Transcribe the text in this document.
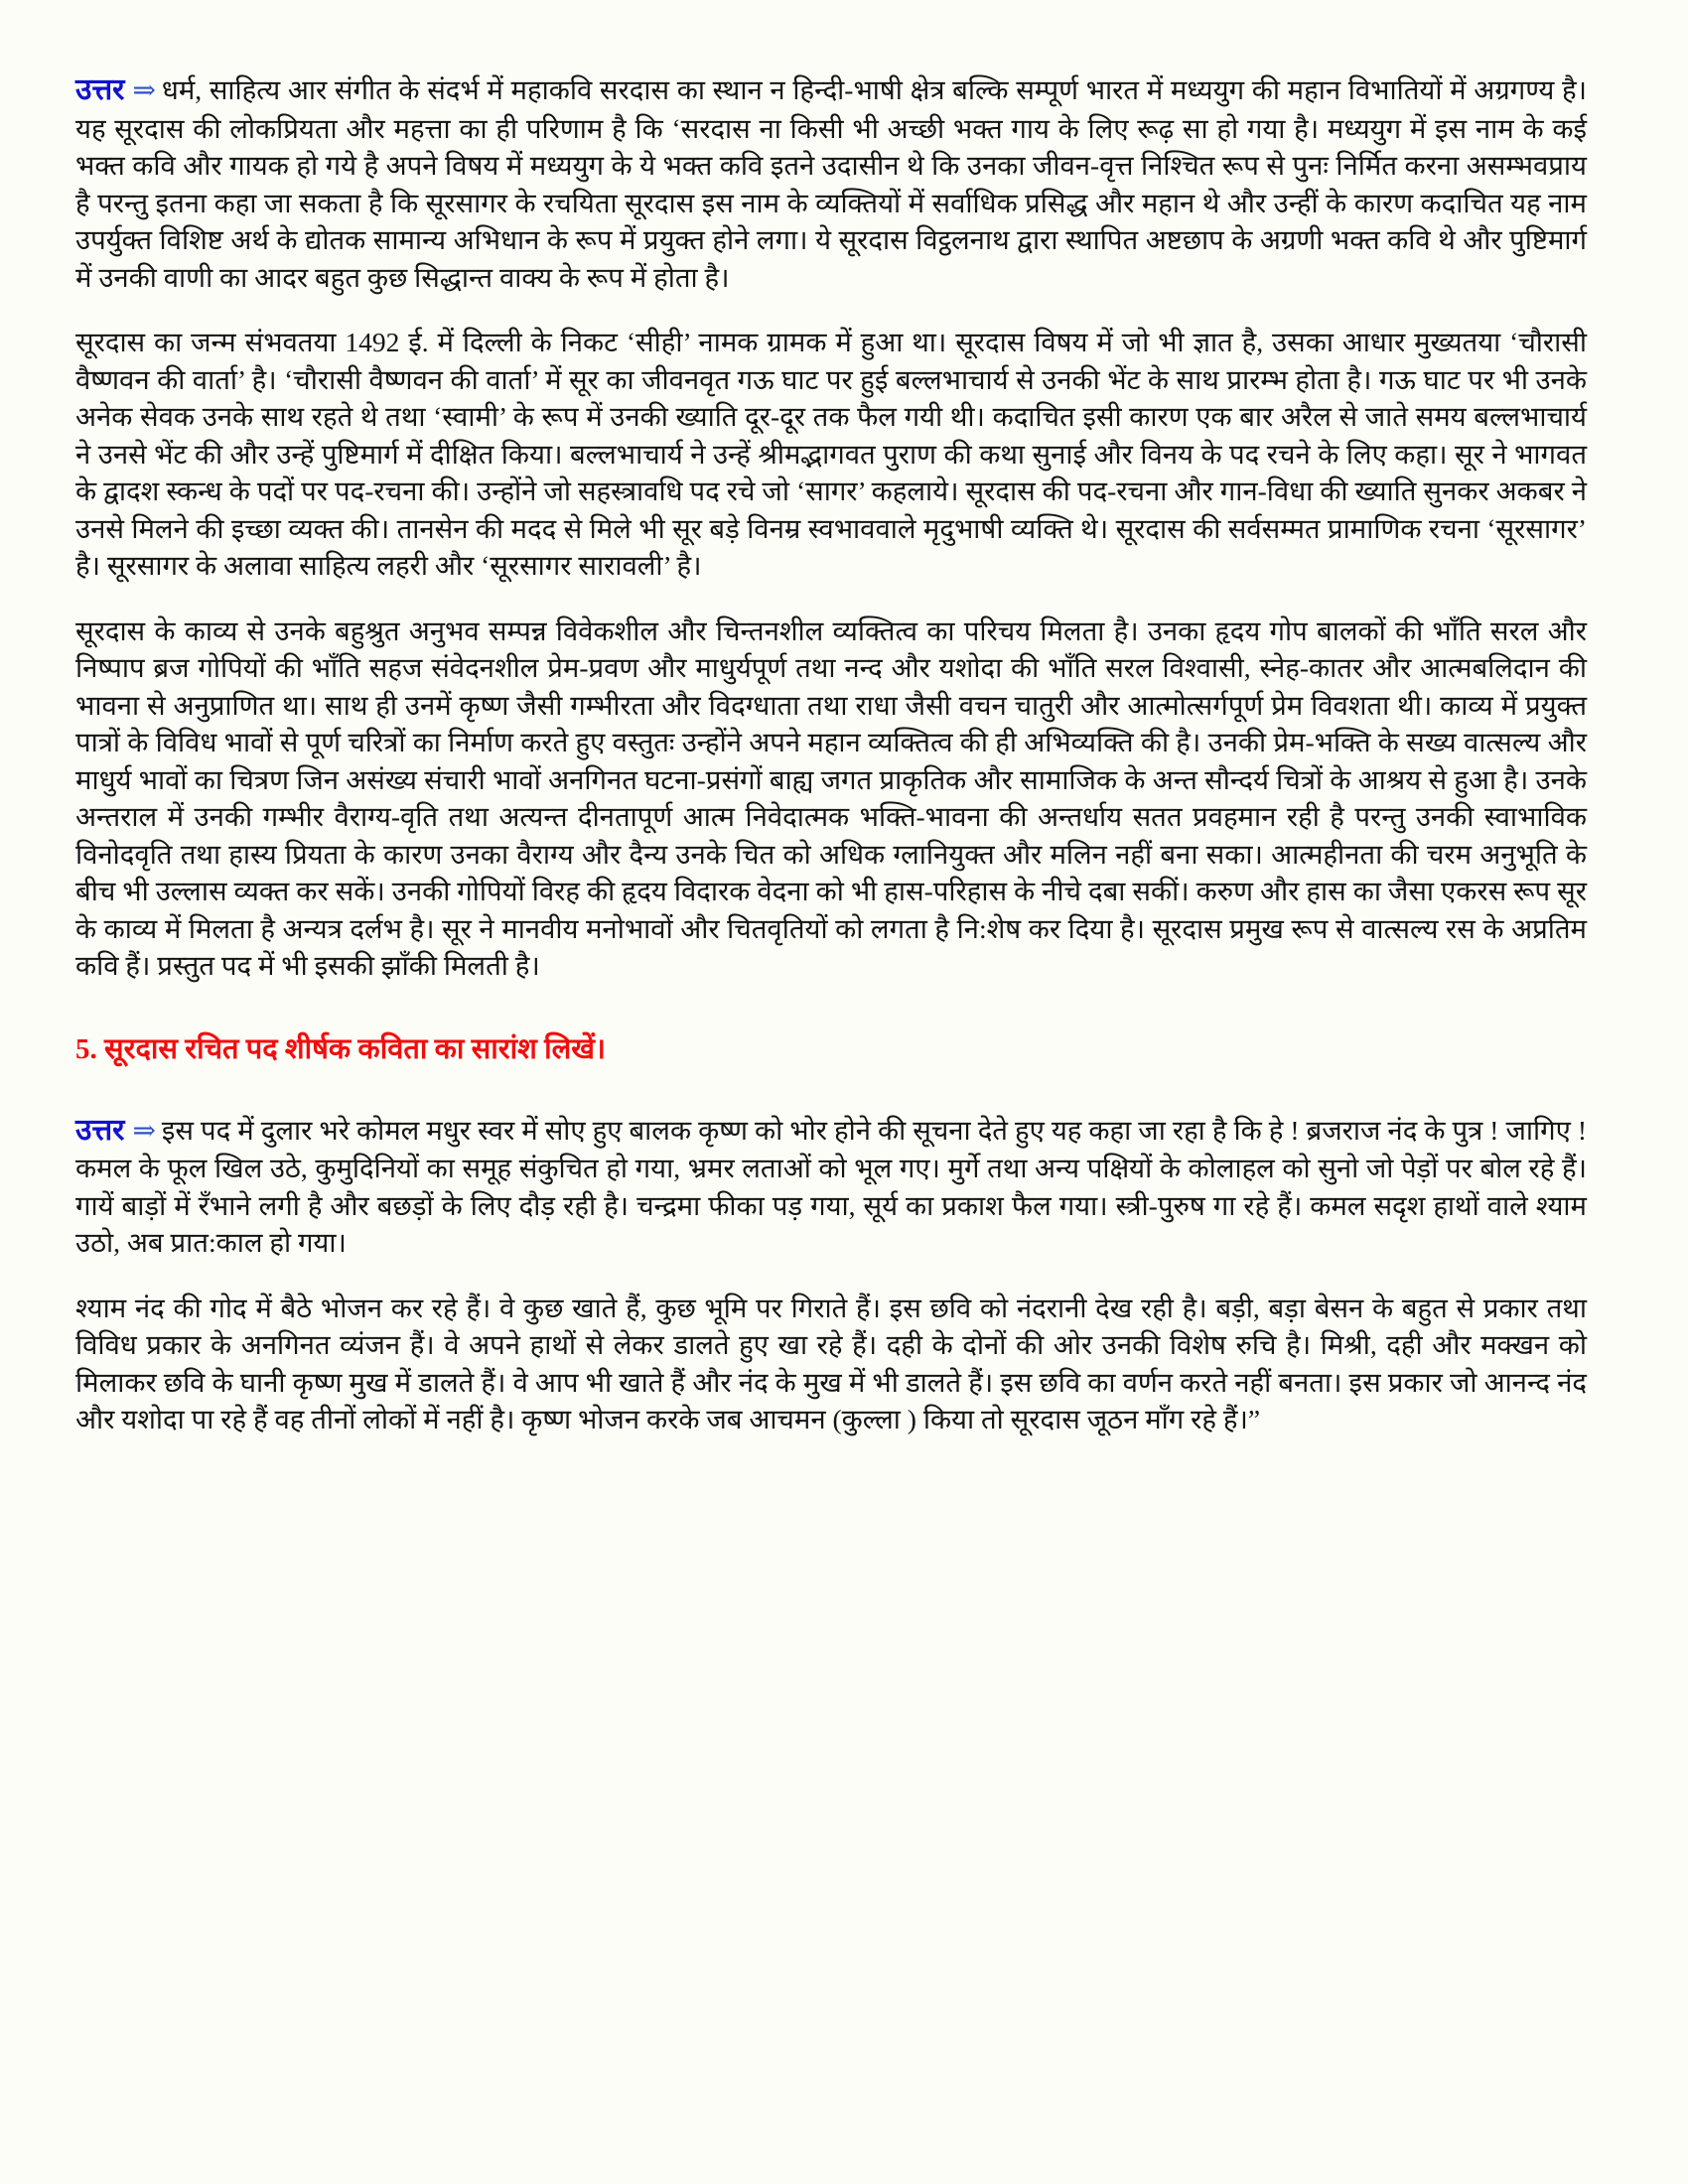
उत्तर ⇒ धर्म, साहित्य आर संगीत के संदर्भ में महाकवि सरदास का स्थान न हिन्दी-भाषी क्षेत्र बल्कि सम्पूर्ण भारत में मध्ययुग की महान विभातियों में अग्रगण्य है। यह सूरदास की लोकप्रियता और महत्ता का ही परिणाम है कि ‘सरदास ना किसी भी अच्छी भक्त गाय के लिए रूढ़ सा हो गया है। मध्ययुग में इस नाम के कई भक्त कवि और गायक हो गये है अपने विषय में मध्ययुग के ये भक्त कवि इतने उदासीन थे कि उनका जीवन-वृत्त निश्चित रूप से पुनः निर्मित करना असम्भवप्राय है परन्तु इतना कहा जा सकता है कि सूरसागर के रचयिता सूरदास इस नाम के व्यक्तियों में सर्वाधिक प्रसिद्ध और महान थे और उन्हीं के कारण कदाचित यह नाम उपर्युक्त विशिष्ट अर्थ के द्योतक सामान्य अभिधान के रूप में प्रयुक्त होने लगा। ये सूरदास विट्ठलनाथ द्वारा स्थापित अष्टछाप के अग्रणी भक्त कवि थे और पुष्टिमार्ग में उनकी वाणी का आदर बहुत कुछ सिद्धान्त वाक्य के रूप में होता है।

सूरदास का जन्म संभवतया 1492 ई. में दिल्ली के निकट ‘सीही’ नामक ग्रामक में हुआ था। सूरदास विषय में जो भी ज्ञात है, उसका आधार मुख्यतया ‘चौरासी वैष्णवन की वार्ता’ है। ‘चौरासी वैष्णवन की वार्ता’ में सूर का जीवनवृत गऊ घाट पर हुई बल्लभाचार्य से उनकी भेंट के साथ प्रारम्भ होता है। गऊ घाट पर भी उनके अनेक सेवक उनके साथ रहते थे तथा ‘स्वामी’ के रूप में उनकी ख्याति दूर-दूर तक फैल गयी थी। कदाचित इसी कारण एक बार अरैल से जाते समय बल्लभाचार्य ने उनसे भेंट की और उन्हें पुष्टिमार्ग में दीक्षित किया। बल्लभाचार्य ने उन्हें श्रीमद्भागवत पुराण की कथा सुनाई और विनय के पद रचने के लिए कहा। सूर ने भागवत के द्वादश स्कन्ध के पदों पर पद-रचना की। उन्होंने जो सहस्त्रावधि पद रचे जो ‘सागर’ कहलाये। सूरदास की पद-रचना और गान-विधा की ख्याति सुनकर अकबर ने उनसे मिलने की इच्छा व्यक्त की। तानसेन की मदद से मिले भी सूर बड़े विनम्र स्वभाववाले मृदुभाषी व्यक्ति थे। सूरदास की सर्वसम्मत प्रामाणिक रचना ‘सूरसागर’ है। सूरसागर के अलावा साहित्य लहरी और ‘सूरसागर सारावली’ है।

सूरदास के काव्य से उनके बहुश्रुत अनुभव सम्पन्न विवेकशील और चिन्तनशील व्यक्तित्व का परिचय मिलता है। उनका हृदय गोप बालकों की भाँति सरल और निष्पाप ब्रज गोपियों की भाँति सहज संवेदनशील प्रेम-प्रवण और माधुर्यपूर्ण तथा नन्द और यशोदा की भाँति सरल विश्वासी, स्नेह-कातर और आत्मबलिदान की भावना से अनुप्राणित था। साथ ही उनमें कृष्ण जैसी गम्भीरता और विदग्धाता तथा राधा जैसी वचन चातुरी और आत्मोत्सर्गपूर्ण प्रेम विवशता थी। काव्य में प्रयुक्त पात्रों के विविध भावों से पूर्ण चरित्रों का निर्माण करते हुए वस्तुतः उन्होंने अपने महान व्यक्तित्व की ही अभिव्यक्ति की है। उनकी प्रेम-भक्ति के सख्य वात्सल्य और माधुर्य भावों का चित्रण जिन असंख्य संचारी भावों अनगिनत घटना-प्रसंगों बाह्य जगत प्राकृतिक और सामाजिक के अन्त सौन्दर्य चित्रों के आश्रय से हुआ है। उनके अन्तराल में उनकी गम्भीर वैराग्य-वृति तथा अत्यन्त दीनतापूर्ण आत्म निवेदात्मक भक्ति-भावना की अन्तर्धाय सतत प्रवहमान रही है परन्तु उनकी स्वाभाविक विनोदवृति तथा हास्य प्रियता के कारण उनका वैराग्य और दैन्य उनके चित को अधिक ग्लानियुक्त और मलिन नहीं बना सका। आत्महीनता की चरम अनुभूति के बीच भी उल्लास व्यक्त कर सकें। उनकी गोपियों विरह की हृदय विदारक वेदना को भी हास-परिहास के नीचे दबा सकीं। करुण और हास का जैसा एकरस रूप सूर के काव्य में मिलता है अन्यत्र दर्लभ है। सूर ने मानवीय मनोभावों और चितवृतियों को लगता है नि:शेष कर दिया है। सूरदास प्रमुख रूप से वात्सल्य रस के अप्रतिम कवि हैं। प्रस्तुत पद में भी इसकी झाँकी मिलती है।

5. सूरदास रचित पद शीर्षक कविता का सारांश लिखें।

उत्तर ⇒ इस पद में दुलार भरे कोमल मधुर स्वर में सोए हुए बालक कृष्ण को भोर होने की सूचना देते हुए यह कहा जा रहा है कि हे ! ब्रजराज नंद के पुत्र ! जागिए ! कमल के फूल खिल उठे, कुमुदिनियों का समूह संकुचित हो गया, भ्रमर लताओं को भूल गए। मुर्गे तथा अन्य पक्षियों के कोलाहल को सुनो जो पेड़ों पर बोल रहे हैं। गायें बाड़ों में रँभाने लगी है और बछड़ों के लिए दौड़ रही है। चन्द्रमा फीका पड़ गया, सूर्य का प्रकाश फैल गया। स्त्री-पुरुष गा रहे हैं। कमल सदृश हाथों वाले श्याम उठो, अब प्रात:काल हो गया।

श्याम नंद की गोद में बैठे भोजन कर रहे हैं। वे कुछ खाते हैं, कुछ भूमि पर गिराते हैं। इस छवि को नंदरानी देख रही है। बड़ी, बड़ा बेसन के बहुत से प्रकार तथा विविध प्रकार के अनगिनत व्यंजन हैं। वे अपने हाथों से लेकर डालते हुए खा रहे हैं। दही के दोनों की ओर उनकी विशेष रुचि है। मिश्री, दही और मक्खन को मिलाकर छवि के घानी कृष्ण मुख में डालते हैं। वे आप भी खाते हैं और नंद के मुख में भी डालते हैं। इस छवि का वर्णन करते नहीं बनता। इस प्रकार जो आनन्द नंद और यशोदा पा रहे हैं वह तीनों लोकों में नहीं है। कृष्ण भोजन करके जब आचमन (कुल्ला ) किया तो सूरदास जूठन माँग रहे हैं।”
